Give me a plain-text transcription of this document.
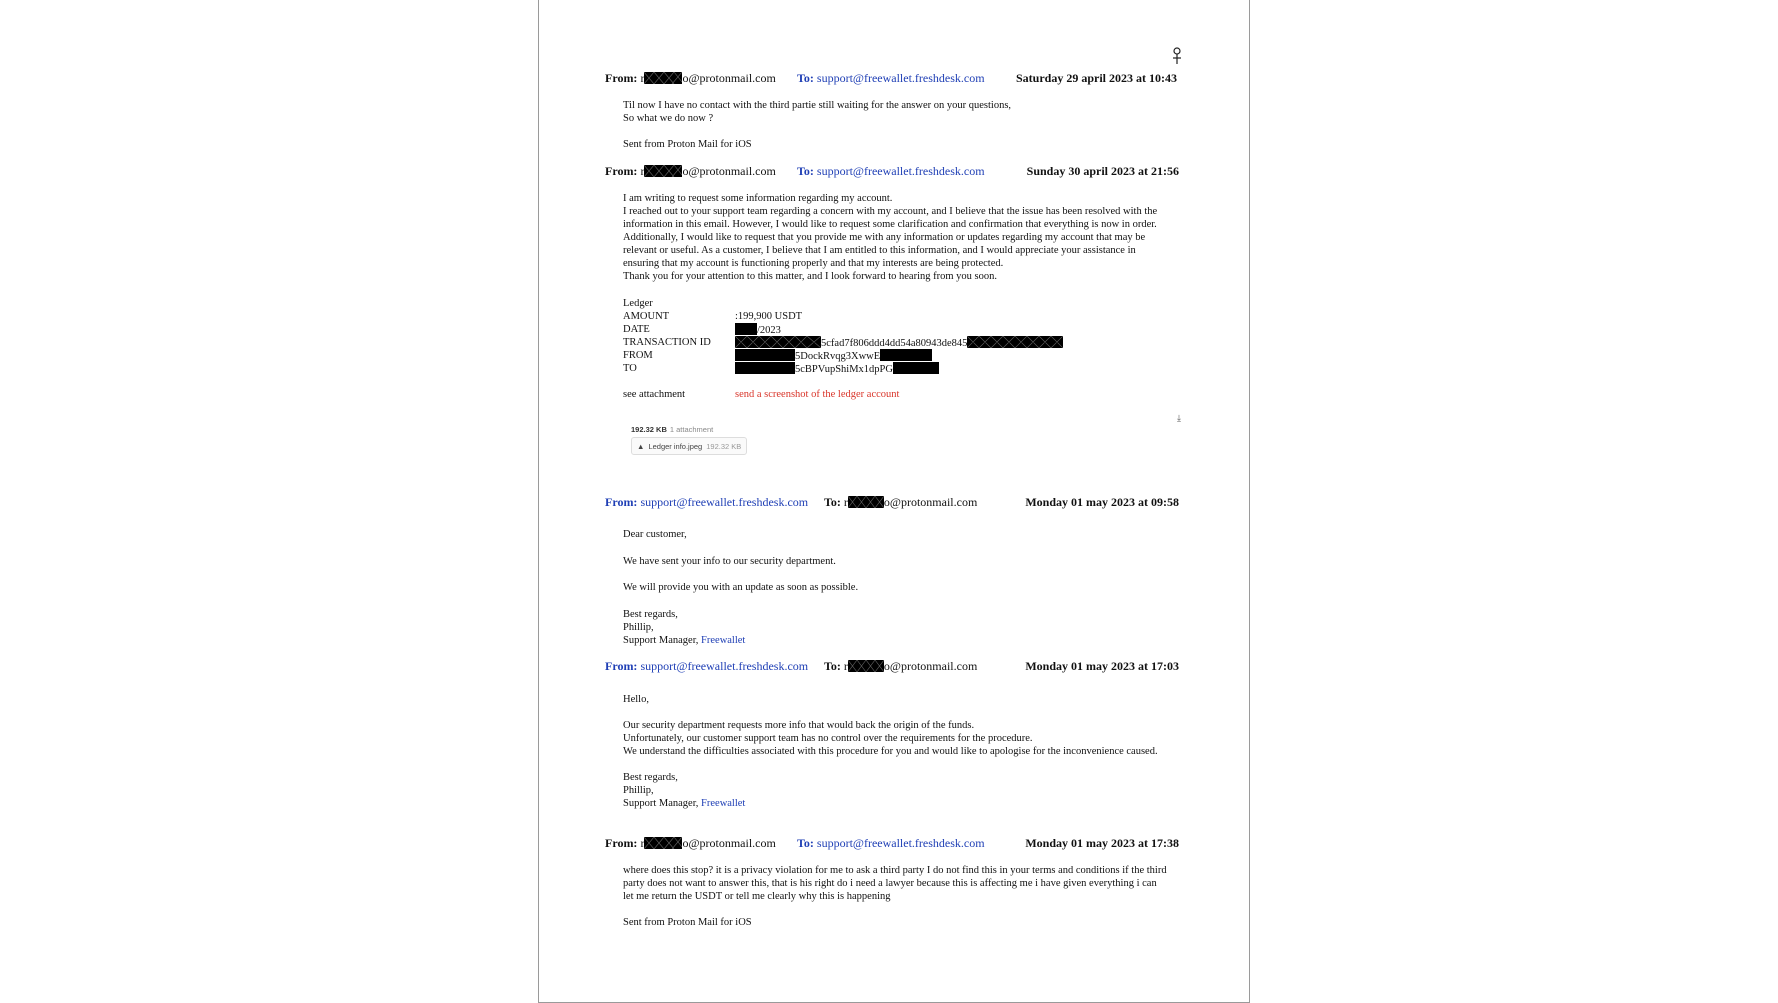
From: r	o@protonmail.com To: support@freewallet.freshdesk.com	Saturday 29 april 2023 at 10:43
Til now I have no contact with the third partie still waiting for the answer on your questions,
So what we do now ?
Sent from Proton Mail for iOS
From: r	o@protonmail.com To: support@freewallet.freshdesk.com	Sunday 30 april 2023 at 21:56
I am writing to request some information regarding my account.
I reached out to your support team regarding a concern with my account, and I believe that the issue has been resolved with the
information in this email. However, I would like to request some clarification and confirmation that everything is now in order.
Additionally, I would like to request that you provide me with any information or updates regarding my account that may be
relevant or useful. As a customer, I believe that I am entitled to this information, and I would appreciate your assistance in
ensuring that my account is functioning properly and that my interests are being protected.
Thank you for your attention to this matter, and I look forward to hearing from you soon.
Ledger
AMOUNT	:199,900 USDT
DATE	/2023
TRANSACTION ID	5cfad7f806ddd4dd54a80943de845
FROM	5DockRvqg3XwwE
TO	5cBPVupShiMx1dpPG
see attachment	send a screenshot of the ledger account
192.32 KB 1 attachment
⤓
▲ Ledger info.jpeg 192.32 KB
From: support@freewallet.freshdesk.com To: r	o@protonmail.com	Monday 01 may 2023 at 09:58
Dear customer,
We have sent your info to our security department.
We will provide you with an update as soon as possible.
Best regards,
Phillip,
Support Manager, Freewallet
From: support@freewallet.freshdesk.com To: r	o@protonmail.com	Monday 01 may 2023 at 17:03
Hello,
Our security department requests more info that would back the origin of the funds.
Unfortunately, our customer support team has no control over the requirements for the procedure.
We understand the difficulties associated with this procedure for you and would like to apologise for the inconvenience caused.
Best regards,
Phillip,
Support Manager, Freewallet
From: r	o@protonmail.com To: support@freewallet.freshdesk.com	Monday 01 may 2023 at 17:38
where does this stop? it is a privacy violation for me to ask a third party I do not find this in your terms and conditions if the third
party does not want to answer this, that is his right do i need a lawyer because this is affecting me i have given everything i can
let me return the USDT or tell me clearly why this is happening
Sent from Proton Mail for iOS
